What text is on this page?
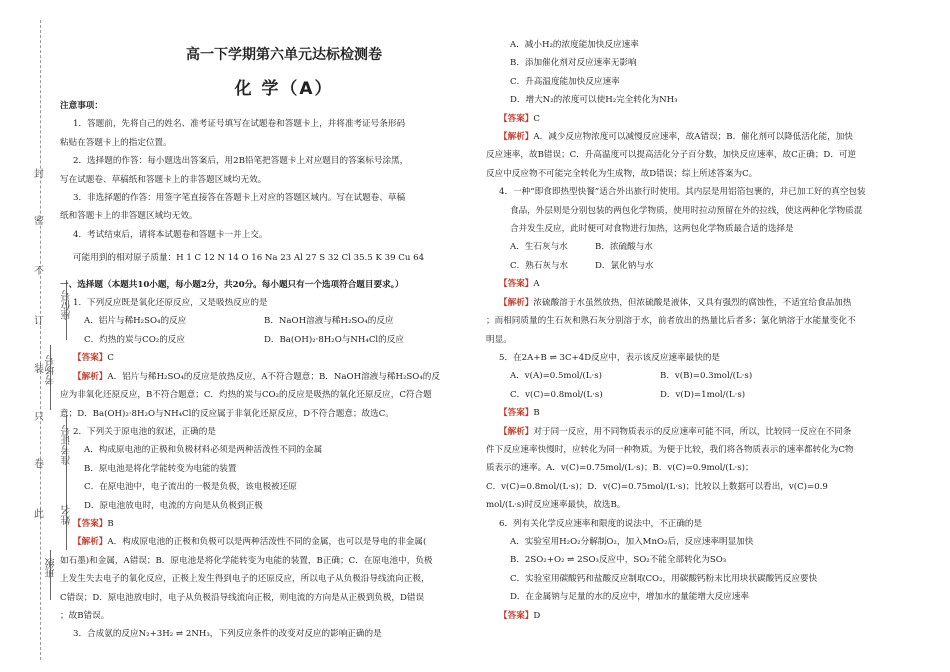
封
密
不
订
装
只
卷
此
座位号
考场号
准考证号
姓名
班级
高一下学期第六单元达标检测卷
化 学（A）

注意事项：

1．答题前，先将自己的姓名、准考证号填写在试题卷和答题卡上，并将准考证号条形码

粘贴在答题卡上的指定位置。

2．选择题的作答：每小题选出答案后，用2B铅笔把答题卡上对应题目的答案标号涂黑，

写在试题卷、草稿纸和答题卡上的非答题区域均无效。

3．非选择题的作答：用签字笔直接答在答题卡上对应的答题区域内。写在试题卷、草稿

纸和答题卡上的非答题区域均无效。

4．考试结束后，请将本试题卷和答题卡一并上交。

可能用到的相对原子质量：H 1 C 12 N 14 O 16 Na 23 Al 27 S 32 Cl 35.5 K 39 Cu 64

一、选择题（本题共10小题，每小题2分，共20分。每小题只有一个选项符合题目要求。）

1．下列反应既是氧化还原反应，又是吸热反应的是

A．铝片与稀H₂SO₄的反应	B．NaOH溶液与稀H₂SO₄的反应

C．灼热的炭与CO₂的反应	D．Ba(OH)₂·8H₂O与NH₄Cl的反应

【答案】C

【解析】A．铝片与稀H₂SO₄的反应是放热反应，A不符合题意；B．NaOH溶液与稀H₂SO₄的反

应为非氧化还原反应，B不符合题意；C．灼热的炭与CO₂的反应是吸热的氧化还原反应，C符合题

意；D．Ba(OH)₂·8H₂O与NH₄Cl的反应属于非氧化还原反应，D不符合题意；故选C。

2．下列关于原电池的叙述，正确的是

A．构成原电池的正极和负极材料必须是两种活泼性不同的金属

B．原电池是将化学能转变为电能的装置

C．在原电池中，电子流出的一极是负极，该电极被还原

D．原电池放电时，电流的方向是从负极到正极

【答案】B

【解析】A．构成原电池的正极和负极可以是两种活泼性不同的金属，也可以是导电的非金属(

如石墨)和金属，A错误；B．原电池是将化学能转变为电能的装置，B正确；C．在原电池中，负极

上发生失去电子的氧化反应，正极上发生得到电子的还原反应，所以电子从负极沿导线流向正极，

C错误；D．原电池放电时，电子从负极沿导线流向正极，则电流的方向是从正极到负极，D错误

；故B错误。

3．合成氨的反应N₂+3H₂ ⇌ 2NH₃，下列反应条件的改变对反应的影响正确的是

A．减小H₂的浓度能加快反应速率

B．添加催化剂对反应速率无影响

C．升高温度能加快反应速率

D．增大N₂的浓度可以使H₂完全转化为NH₃

【答案】C

【解析】A．减少反应物浓度可以减慢反应速率，故A错误；B．催化剂可以降低活化能，加快

反应速率，故B错误；C．升高温度可以提高活化分子百分数，加快反应速率，故C正确；D．可逆

反应中反应物不可能完全转化为生成物，故D错误；综上所述答案为C。

4．一种“即食即热型快餐”适合外出旅行时使用。其内层是用铝箔包裹的，并已加工好的真空包装

食品，外层则是分别包装的两包化学物质，使用时拉动预留在外的拉线，使这两种化学物质混

合并发生反应，此时便可对食物进行加热，这两包化学物质最合适的选择是

A．生石灰与水	B．浓硫酸与水

C．熟石灰与水	D．氯化钠与水

【答案】A

【解析】浓硫酸溶于水虽然放热，但浓硫酸是液体，又具有强烈的腐蚀性，不适宜给食品加热

；而相同质量的生石灰和熟石灰分别溶于水，前者放出的热量比后者多；氯化钠溶于水能量变化不

明显。

5．在2A+B ⇌ 3C+4D反应中，表示该反应速率最快的是

A．v(A)=0.5mol/(L·s)	B．v(B)=0.3mol/(L·s)

C．v(C)=0.8mol/(L·s)	D．v(D)=1mol/(L·s)

【答案】B

【解析】对于同一反应，用不同物质表示的反应速率可能不同，所以，比较同一反应在不同条

件下反应速率快慢时，应转化为同一种物质。为便于比较，我们将各物质表示的速率都转化为C物

质表示的速率。A．v(C)=0.75mol/(L·s)；B．v(C)=0.9mol/(L·s)；

C．v(C)=0.8mol/(L·s)；D．v(C)=0.75mol/(L·s)；比较以上数据可以看出，v(C)=0.9

mol/(L·s)时反应速率最快，故选B。

6．列有关化学反应速率和限度的说法中，不正确的是

A．实验室用H₂O₂分解制O₂，加入MnO₂后，反应速率明显加快

B．2SO₂+O₂ ⇌ 2SO₃反应中，SO₂不能全部转化为SO₃

C．实验室用碳酸钙和盐酸反应制取CO₂，用碳酸钙粉末比用块状碳酸钙反应要快

D．在金属钠与足量的水的反应中，增加水的量能增大反应速率

【答案】D
